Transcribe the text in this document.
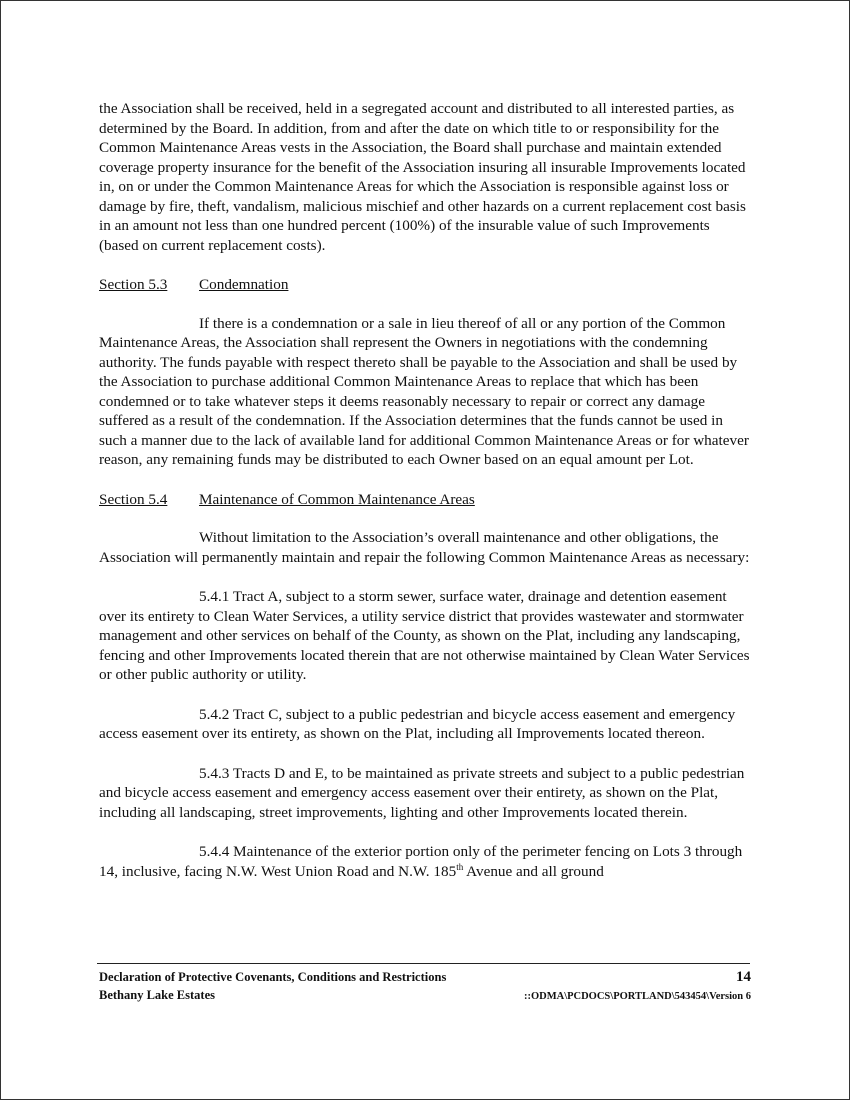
the Association shall be received, held in a segregated account and distributed to all interested parties, as determined by the Board. In addition, from and after the date on which title to or responsibility for the Common Maintenance Areas vests in the Association, the Board shall purchase and maintain extended coverage property insurance for the benefit of the Association insuring all insurable Improvements located in, on or under the Common Maintenance Areas for which the Association is responsible against loss or damage by fire, theft, vandalism, malicious mischief and other hazards on a current replacement cost basis in an amount not less than one hundred percent (100%) of the insurable value of such Improvements (based on current replacement costs).

Section 5.3 Condemnation

If there is a condemnation or a sale in lieu thereof of all or any portion of the Common Maintenance Areas, the Association shall represent the Owners in negotiations with the condemning authority. The funds payable with respect thereto shall be payable to the Association and shall be used by the Association to purchase additional Common Maintenance Areas to replace that which has been condemned or to take whatever steps it deems reasonably necessary to repair or correct any damage suffered as a result of the condemnation. If the Association determines that the funds cannot be used in such a manner due to the lack of available land for additional Common Maintenance Areas or for whatever reason, any remaining funds may be distributed to each Owner based on an equal amount per Lot.

Section 5.4 Maintenance of Common Maintenance Areas

Without limitation to the Association’s overall maintenance and other obligations, the Association will permanently maintain and repair the following Common Maintenance Areas as necessary:

5.4.1 Tract A, subject to a storm sewer, surface water, drainage and detention easement over its entirety to Clean Water Services, a utility service district that provides wastewater and stormwater management and other services on behalf of the County, as shown on the Plat, including any landscaping, fencing and other Improvements located therein that are not otherwise maintained by Clean Water Services or other public authority or utility.

5.4.2 Tract C, subject to a public pedestrian and bicycle access easement and emergency access easement over its entirety, as shown on the Plat, including all Improvements located thereon.

5.4.3 Tracts D and E, to be maintained as private streets and subject to a public pedestrian and bicycle access easement and emergency access easement over their entirety, as shown on the Plat, including all landscaping, street improvements, lighting and other Improvements located therein.

5.4.4 Maintenance of the exterior portion only of the perimeter fencing on Lots 3 through 14, inclusive, facing N.W. West Union Road and N.W. 185th Avenue and all ground

Declaration of Protective Covenants, Conditions and Restrictions	14
Bethany Lake Estates	::ODMA\PCDOCS\PORTLAND\543454\Version 6
